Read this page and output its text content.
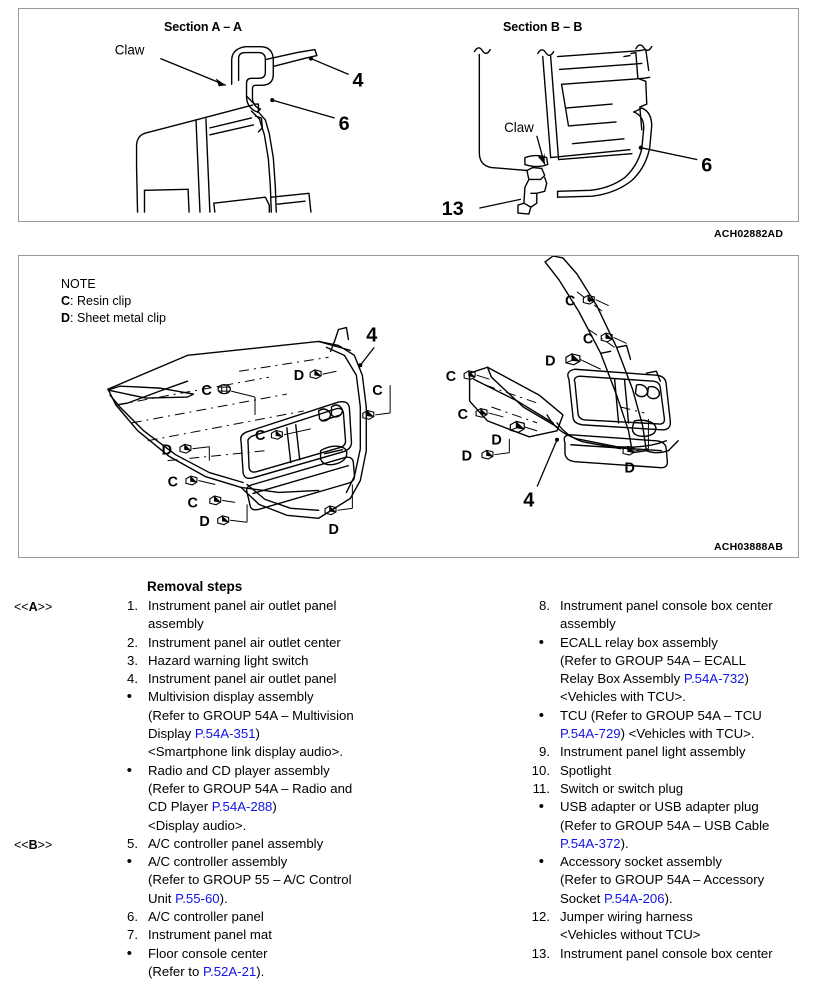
Section A – A	Section B – B
Claw
4
6	Claw
6
13
ACH02882AD
NOTE
C: Resin clip
D: Sheet metal clip
C
C
D
C
D
C
C
D	D
4
C
C
D
C
C
D
D
D
4
ACH03888AB
Removal steps
<<A>>
<<B>>
1. Instrument panel air outlet panel
assembly
2. Instrument panel air outlet center
3. Hazard warning light switch
4. Instrument panel air outlet panel
•	Multivision display assembly
(Refer to GROUP 54A – Multivision
Display P.54A-351)
<Smartphone link display audio>.
•	Radio and CD player assembly
(Refer to GROUP 54A – Radio and
CD Player P.54A-288)
<Display audio>.
5. A/C controller panel assembly
•	A/C controller assembly
(Refer to GROUP 55 – A/C Control
Unit P.55-60).
6. A/C controller panel
7. Instrument panel mat
•	Floor console center
(Refer to P.52A-21).
8. Instrument panel console box center
assembly
•	ECALL relay box assembly
(Refer to GROUP 54A – ECALL
Relay Box Assembly P.54A-732)
<Vehicles with TCU>.
•	TCU (Refer to GROUP 54A – TCU
P.54A-729) <Vehicles with TCU>.
9. Instrument panel light assembly
10. Spotlight
11. Switch or switch plug
•	USB adapter or USB adapter plug
(Refer to GROUP 54A – USB Cable
P.54A-372).
•	Accessory socket assembly
(Refer to GROUP 54A – Accessory
Socket P.54A-206).
12. Jumper wiring harness
<Vehicles without TCU>
13. Instrument panel console box center
